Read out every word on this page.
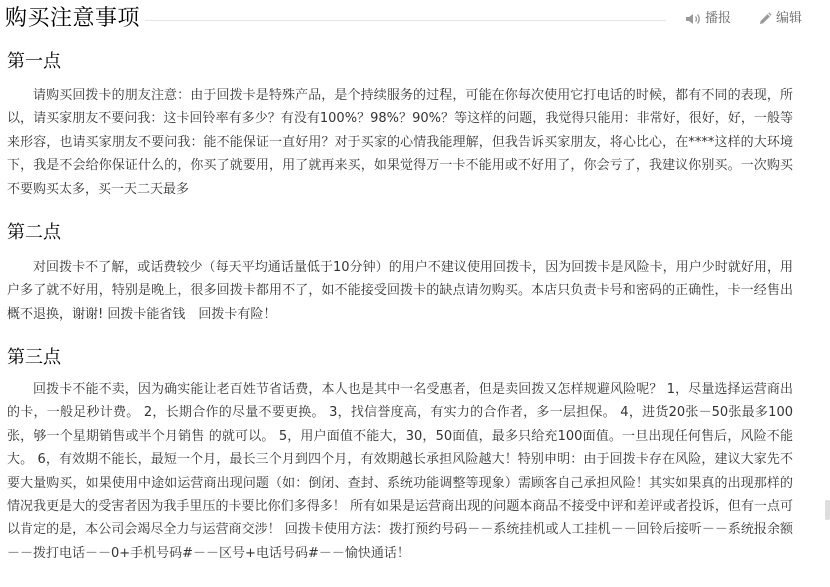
购买注意事项	播报	编辑
第一点

请购买回拨卡的朋友注意：由于回拨卡是特殊产品，是个持续服务的过程，可能在你每次使用它打电话的时候，都有不同的表现，所以，请买家朋友不要问我：这卡回铃率有多少？有没有100%？98%？90%？等这样的问题，我觉得只能用：非常好，很好，好，一般等来形容，也请买家朋友不要问我：能不能保证一直好用？对于买家的心情我能理解，但我告诉买家朋友，将心比心，在****这样的大环境下，我是不会给你保证什么的，你买了就要用，用了就再来买，如果觉得万一卡不能用或不好用了，你会亏了，我建议你别买。一次购买不要购买太多，买一天二天最多

第二点

对回拨卡不了解，或话费较少（每天平均通话量低于10分钟）的用户不建议使用回拨卡，因为回拨卡是风险卡，用户少时就好用，用户多了就不好用，特别是晚上，很多回拨卡都用不了，如不能接受回拨卡的缺点请勿购买。本店只负责卡号和密码的正确性，卡一经售出概不退换，谢谢! 回拨卡能省钱　回拨卡有险！

第三点

回拨卡不能不卖，因为确实能让老百姓节省话费，本人也是其中一名受惠者，但是卖回拨又怎样规避风险呢？ 1，尽量选择运营商出的卡，一般足秒计费。 2，长期合作的尽量不要更换。 3，找信誉度高，有实力的合作者，多一层担保。 4，进货20张－50张最多100张，够一个星期销售或半个月销售 的就可以。 5，用户面值不能大，30，50面值，最多只给充100面值。一旦出现任何售后，风险不能大。 6，有效期不能长，最短一个月，最长三个月到四个月，有效期越长承担风险越大！特别申明：由于回拨卡存在风险，建议大家先不要大量购买，如果使用中途如运营商出现问题（如：倒闭、查封、系统功能调整等现象）需顾客自己承担风险！其实如果真的出现那样的情况我更是大的受害者因为我手里压的卡要比你们多得多！ 所有如果是运营商出现的问题本商品不接受中评和差评或者投诉，但有一点可以肯定的是，本公司会竭尽全力与运营商交涉！ 回拨卡使用方法：拨打预约号码－－系统挂机或人工挂机－－回铃后接听－－系统报余额－－拨打电话－－0+手机号码#－－区号+电话号码#－－愉快通话！
